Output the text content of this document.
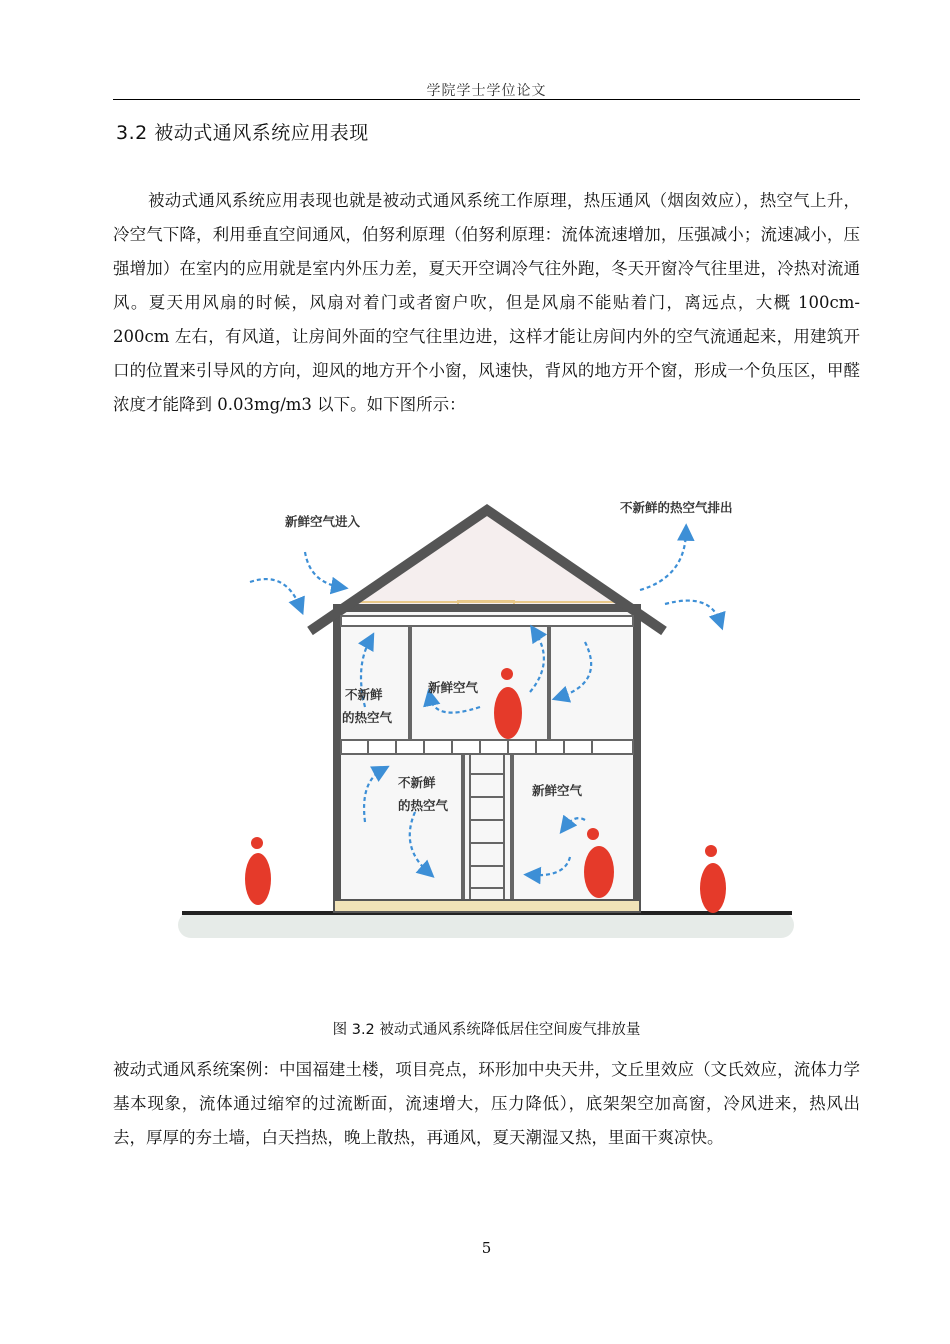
学院学士学位论文
3.2 被动式通风系统应用表现

被动式通风系统应用表现也就是被动式通风系统工作原理，热压通风（烟囱效应），热空气上升，冷空气下降，利用垂直空间通风，伯努利原理（伯努利原理：流体流速增加，压强减小；流速减小，压强增加）在室内的应用就是室内外压力差，夏天开空调冷气往外跑，冬天开窗冷气往里进，冷热对流通风。夏天用风扇的时候，风扇对着门或者窗户吹，但是风扇不能贴着门，离远点，大概 100cm-200cm 左右，有风道，让房间外面的空气往里边进，这样才能让房间内外的空气流通起来，用建筑开口的位置来引导风的方向，迎风的地方开个小窗，风速快，背风的地方开个窗，形成一个负压区，甲醛浓度才能降到 0.03mg/m3 以下。如下图所示：

新鲜空气进入
不新鲜的热空气排出
不新鲜
的热空气
新鲜空气
不新鲜
的热空气
新鲜空气
图 3.2 被动式通风系统降低居住空间废气排放量

被动式通风系统案例：中国福建土楼，项目亮点，环形加中央天井，文丘里效应（文氏效应，流体力学基本现象，流体通过缩窄的过流断面，流速增大，压力降低），底架架空加高窗，冷风进来，热风出去，厚厚的夯土墙，白天挡热，晚上散热，再通风，夏天潮湿又热，里面干爽凉快。

5
